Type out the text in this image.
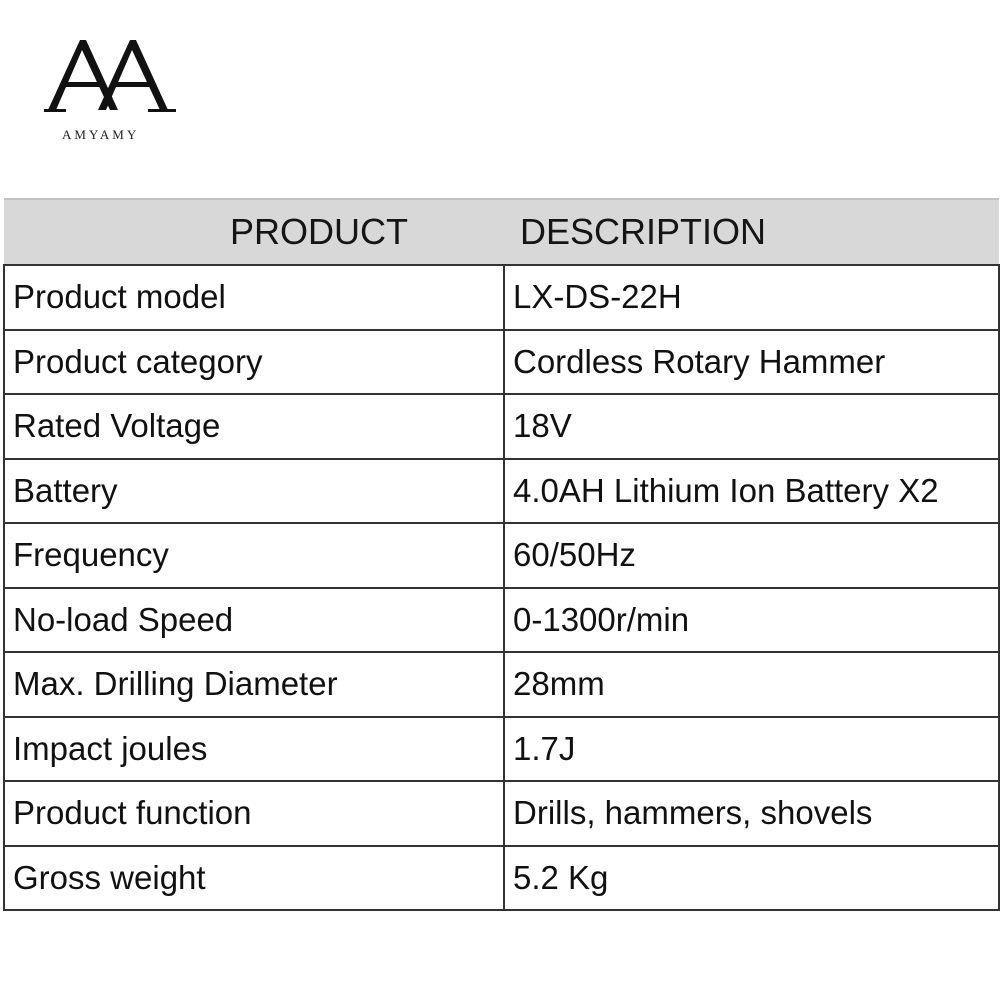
AMYAMY
PRODUCT	DESCRIPTION
Product model	LX-DS-22H
Product category	Cordless Rotary Hammer
Rated Voltage	18V
Battery	4.0AH Lithium Ion Battery X2
Frequency	60/50Hz
No-load Speed	0-1300r/min
Max. Drilling Diameter	28mm
Impact joules	1.7J
Product function	Drills, hammers, shovels
Gross weight	5.2 Kg
